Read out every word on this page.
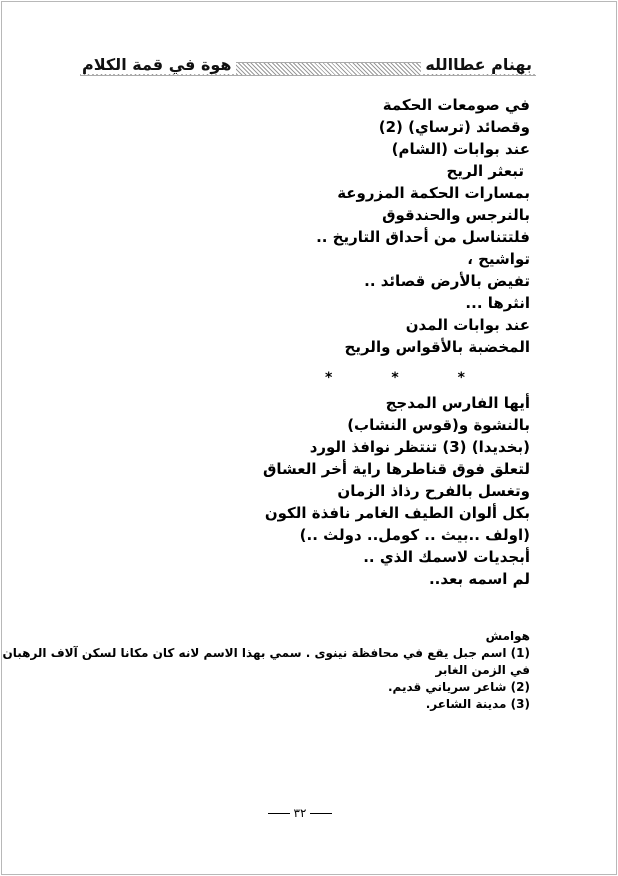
هوة في قمة الكلام	بهنام عطاالله
في صومعات الحكمة
وقصائد (ترساي) (2)
عند بوابات (الشام)
تبعثر الريح
بمسارات الحكمة المزروعة
بالنرجس والحندقوق
فلتتناسل من أحداق التاريخ ..
تواشيح ،
تفيض بالأرض قصائد ..
انثرها ...
عند بوابات المدن
المخضبة بالأقواس والريح
*	*	*
أيها الفارس المدجج
بالنشوة و(قوس النشاب)
(بخديدا) (3) تنتظر نوافذ الورد
لتعلق فوق قناطرها راية أخر العشاق
وتغسل بالفرح رذاذ الزمان
بكل ألوان الطيف الغامر نافذة الكون
(اولف ..بيث .. كومل.. دولث ..)
أبجديات لاسمك الذي ..
لم اسمه بعد..
هوامش
(1) اسم جبل يقع في محافظة نينوى . سمي بهذا الاسم لانه كان مكانا لسكن آلاف الرهبان
في الزمن الغابر
(2) شاعر سرياني قديم.
(3) مدينة الشاعر.
٣٢
